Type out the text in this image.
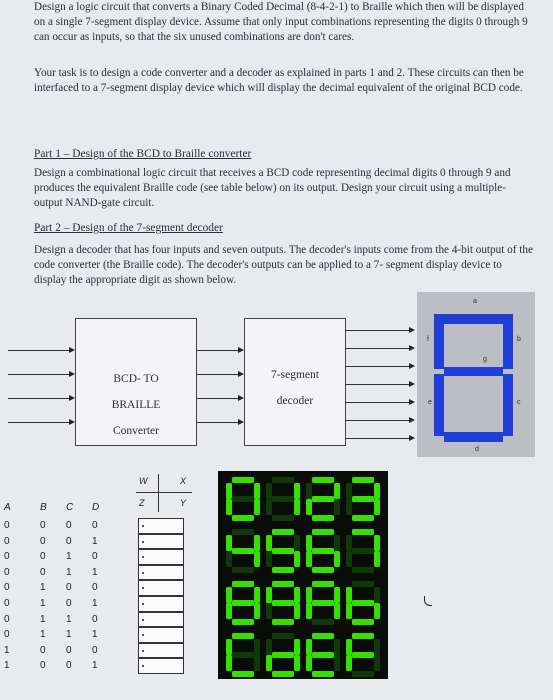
Design a logic circuit that converts a Binary Coded Decimal (8-4-2-1) to Braille which then will be displayed on a single 7-segment display device. Assume that only input combinations representing the digits 0 through 9 can occur as inputs, so that the six unused combinations are don't cares.

Your task is to design a code converter and a decoder as explained in parts 1 and 2. These circuits can then be interfaced to a 7-segment display device which will display the decimal equivalent of the original BCD code.

Part 1 – Design of the BCD to Braille converter

Design a combinational logic circuit that receives a BCD code representing decimal digits 0 through 9 and produces the equivalent Braille code (see table below) on its output. Design your circuit using a multiple-output NAND-gate circuit.

Part 2 – Design of the 7-segment decoder

Design a decoder that has four inputs and seven outputs. The decoder's inputs come from the 4-bit output of the code converter (the Braille code). The decoder's outputs can be applied to a 7- segment display device to display the appropriate digit as shown below.

BCD- TO
BRAILLE
Converter
7-segment
decoder
a
b
c
d
e
f
g
A	B C D
0	0 0 0
0	0 0 1
0	0 1 0
0	0 1 1
0	1 0 0
0	1 0 1
0	1 1 0
0	1 1 1
1	0 0 0
1	0 0 1
W	X
Z	Y
